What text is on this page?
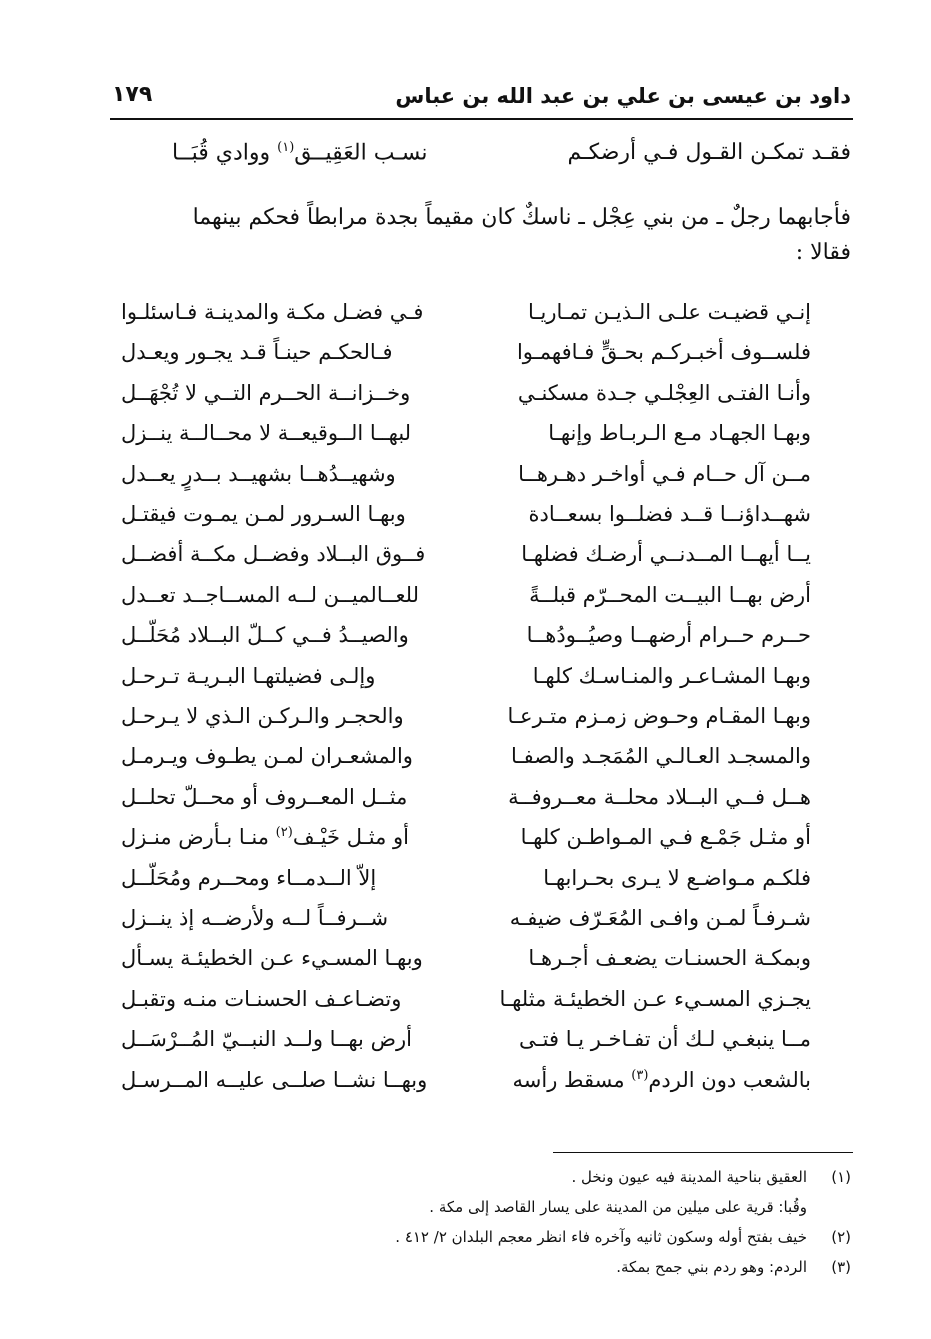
داود بن عيسى بن علي بن عبد الله بن عباس
١٧٩
فقـد تمكـن القـول فـي أرضكـم
نسـب العَقِيــق$^{(١)}$ ووادي قُبَــا
فأجابهما رجلٌ ـ من بني عِجْل ـ ناسكٌ كان مقيماً بجدة مرابطاً فحكم بينهما
فقالا :
إنـي قضيـت علـى الـذيـن تمـاريـا
فـي فضـل مكـة والمدينـة فـاسئلـوا
فلســوف أخبـركـم بحـقٍّ فـافهمـوا
فـالحكـم حينـاً قـد يجـور ويعـدل
وأنـا الفتـى العِجْلـي جـدة مسكنـي
وخــزانــة الحــرم التــي لا تُجْهَــل
وبهـا الجهـاد مـع الـربـاط وإنهـا
لبهــا الــوقيعــة لا محــالــة ينــزل
مــن آل حــام فـي أواخـر دهـرهــا
وشهيــدُهــا بشهيــد بــدرٍ يعــدل
شهــداؤنــا قــد فضلــوا بسعــادة
وبهـا السـرور لمـن يمـوت فيقتـل
يــا أيهــا المــدنــي أرضـك فضلهـا
فــوق البــلاد وفضــل مكــة أفضــل
أرض بهــا البيــت المحــرّم قبلــةً
للعــالميــن لــه المســاجــد تعــدل
حــرم حــرام أرضهــا وصيُــودُهــا
والصيــدُ فــي كــلّ البــلاد مُحَلّــل
وبهـا المشـاعـر والمنـاسـك كلهـا
وإلـى فضيلتهـا البـريـة تـرحـل
وبهـا المقـام وحـوض زمـزم متـرعـا
والحجـر والـركـن الـذي لا يـرحـل
والمسجـد العـالـي المُمَجـد والصفـا
والمشعـران لمـن يطـوف ويـرمـل
هــل فــي البــلاد محلــة معــروفــة
مثــل المعــروف أو محــلّ تحلــل
أو مثـل جَمْـع فـي المـواطـن كلهـا
أو مثـل خَيْـف$^{(٢)}$ منـا بـأرض منـزل
فلكـم مـواضـع لا يـرى بحـرابهـا
إلاّ الــدمــاء ومحــرم ومُحَلّــل
شـرفـاً لمـن وافـى المُعَـرّف ضيفـه
شــرفــاً لــه ولأرضــه إذ ينــزل
وبمكـة الحسنـات يضعـف أجـرهـا
وبهـا المسـيء عـن الخطيئـة يسـأل
يجـزي المسـيء عـن الخطيئـة مثلهـا
وتضـاعـف الحسنـات منـه وتقبـل
مــا ينبغـي لـك أن تفـاخـر يـا فتـى
أرض بهــا ولــد النبــيّ المُــرْسَــل
بالشعب دون الردم$^{(٣)}$ مسقط رأسه
وبهــا نشــا صلــى عليــه المــرسـل
(١)العقيق بناحية المدينة فيه عيون ونخل .
وقُبا: قرية على ميلين من المدينة على يسار القاصد إلى مكة .
(٢)خيف بفتح أوله وسكون ثانيه وآخره فاء انظر معجم البلدان ٢/ ٤١٢ .
(٣)الردم: وهو ردم بني جمح بمكة.
